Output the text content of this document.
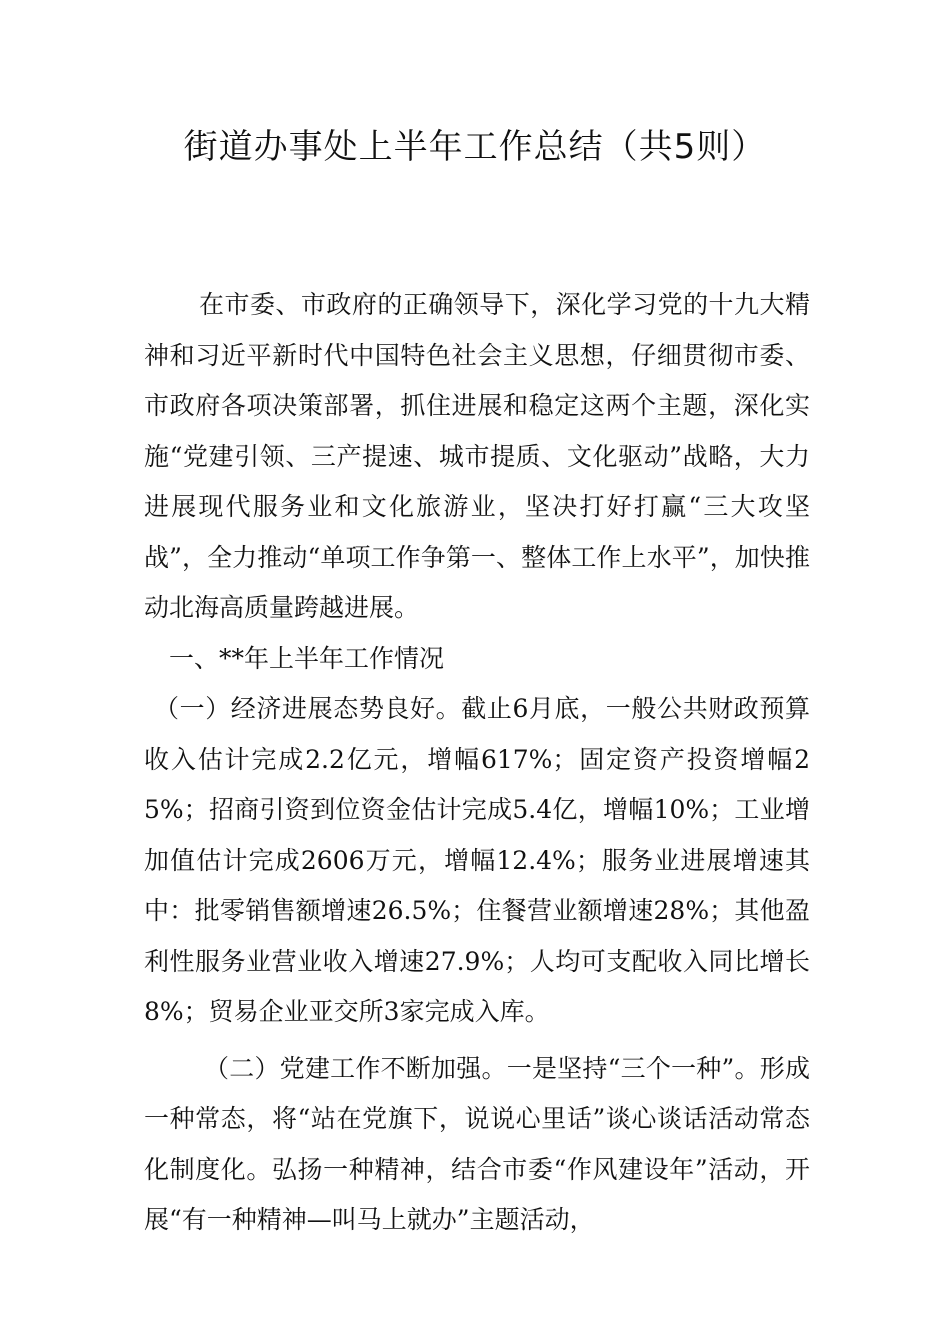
街道办事处上半年工作总结（共5则）

在市委、市政府的正确领导下，深化学习党的十九大精神和习近平新时代中国特色社会主义思想，仔细贯彻市委、市政府各项决策部署，抓住进展和稳定这两个主题，深化实施“党建引领、三产提速、城市提质、文化驱动”战略，大力进展现代服务业和文化旅游业，坚决打好打赢“三大攻坚战”，全力推动“单项工作争第一、整体工作上水平”，加快推动北海高质量跨越进展。

一、**年上半年工作情况

（一）经济进展态势良好。截止6月底，一般公共财政预算收入估计完成2.2亿元，增幅617%；固定资产投资增幅25%；招商引资到位资金估计完成5.4亿，增幅10%；工业增加值估计完成2606万元，增幅12.4%；服务业进展增速其中：批零销售额增速26.5%；住餐营业额增速28%；其他盈利性服务业营业收入增速27.9%；人均可支配收入同比增长8%；贸易企业亚交所3家完成入库。

（二）党建工作不断加强。一是坚持“三个一种”。形成一种常态，将“站在党旗下，说说心里话”谈心谈话活动常态化制度化。弘扬一种精神，结合市委“作风建设年”活动，开展“有一种精神—叫马上就办”主题活动，
